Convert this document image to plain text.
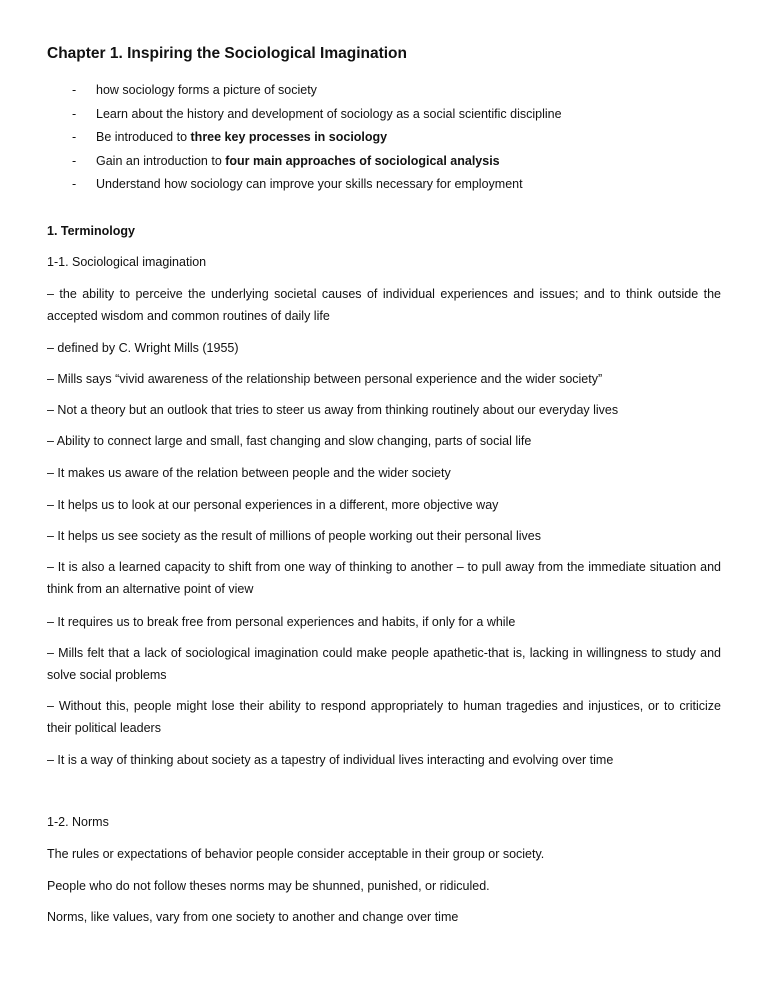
Chapter 1. Inspiring the Sociological Imagination
- how sociology forms a picture of society
- Learn about the history and development of sociology as a social scientific discipline
- Be introduced to three key processes in sociology
- Gain an introduction to four main approaches of sociological analysis
- Understand how sociology can improve your skills necessary for employment

1. Terminology

1-1. Sociological imagination

– the ability to perceive the underlying societal causes of individual experiences and issues; and to think outside the accepted wisdom and common routines of daily life

– defined by C. Wright Mills (1955)

– Mills says “vivid awareness of the relationship between personal experience and the wider society”

– Not a theory but an outlook that tries to steer us away from thinking routinely about our everyday lives

– Ability to connect large and small, fast changing and slow changing, parts of social life

– It makes us aware of the relation between people and the wider society

– It helps us to look at our personal experiences in a different, more objective way

– It helps us see society as the result of millions of people working out their personal lives

– It is also a learned capacity to shift from one way of thinking to another – to pull away from the immediate situation and think from an alternative point of view

– It requires us to break free from personal experiences and habits, if only for a while

– Mills felt that a lack of sociological imagination could make people apathetic-that is, lacking in willingness to study and solve social problems

– Without this, people might lose their ability to respond appropriately to human tragedies and injustices, or to criticize their political leaders

– It is a way of thinking about society as a tapestry of individual lives interacting and evolving over time

1-2. Norms

The rules or expectations of behavior people consider acceptable in their group or society.

People who do not follow theses norms may be shunned, punished, or ridiculed.

Norms, like values, vary from one society to another and change over time
